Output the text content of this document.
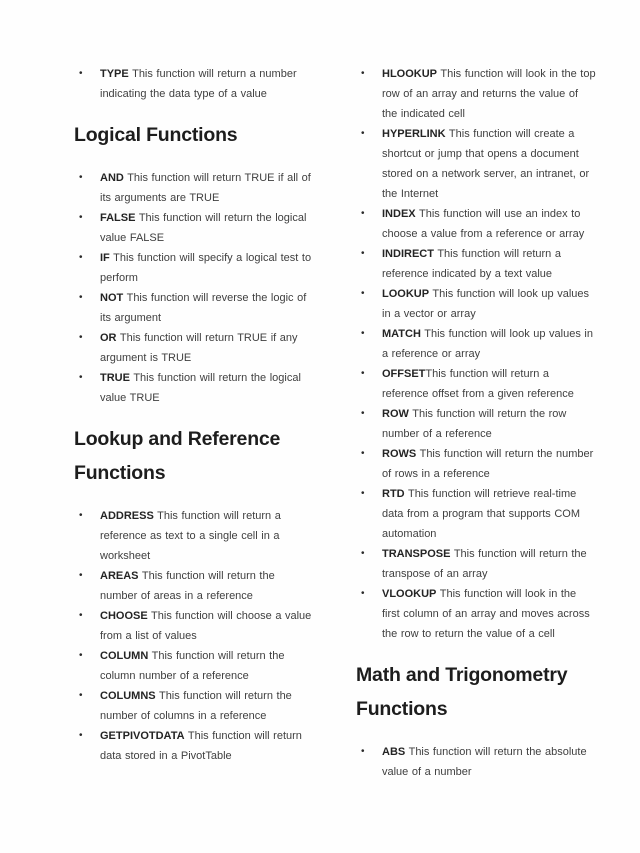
•	TYPE This function will return a number indicating the data type of a value
Logical Functions
•	AND This function will return TRUE if all of its arguments are TRUE
•	FALSE This function will return the logical value FALSE
•	IF This function will specify a logical test to perform
•	NOT This function will reverse the logic of its argument
•	OR This function will return TRUE if any argument is TRUE
•	TRUE This function will return the logical value TRUE
Lookup and Reference Functions
•	ADDRESS This function will return a reference as text to a single cell in a worksheet
•	AREAS This function will return the number of areas in a reference
•	CHOOSE This function will choose a value from a list of values
•	COLUMN This function will return the column number of a reference
•	COLUMNS This function will return the number of columns in a reference
•	GETPIVOTDATA This function will return data stored in a PivotTable
•	HLOOKUP This function will look in the top row of an array and returns the value of the indicated cell
•	HYPERLINK This function will create a shortcut or jump that opens a document stored on a network server, an intranet, or the Internet
•	INDEX This function will use an index to choose a value from a reference or array
•	INDIRECT This function will return a reference indicated by a text value
•	LOOKUP This function will look up values in a vector or array
•	MATCH This function will look up values in a reference or array
•	OFFSETThis function will return a reference offset from a given reference
•	ROW This function will return the row number of a reference
•	ROWS This function will return the number of rows in a reference
•	RTD This function will retrieve real-time data from a program that supports COM automation
•	TRANSPOSE This function will return the transpose of an array
•	VLOOKUP This function will look in the first column of an array and moves across the row to return the value of a cell
Math and Trigonometry Functions
•	ABS This function will return the absolute value of a number
